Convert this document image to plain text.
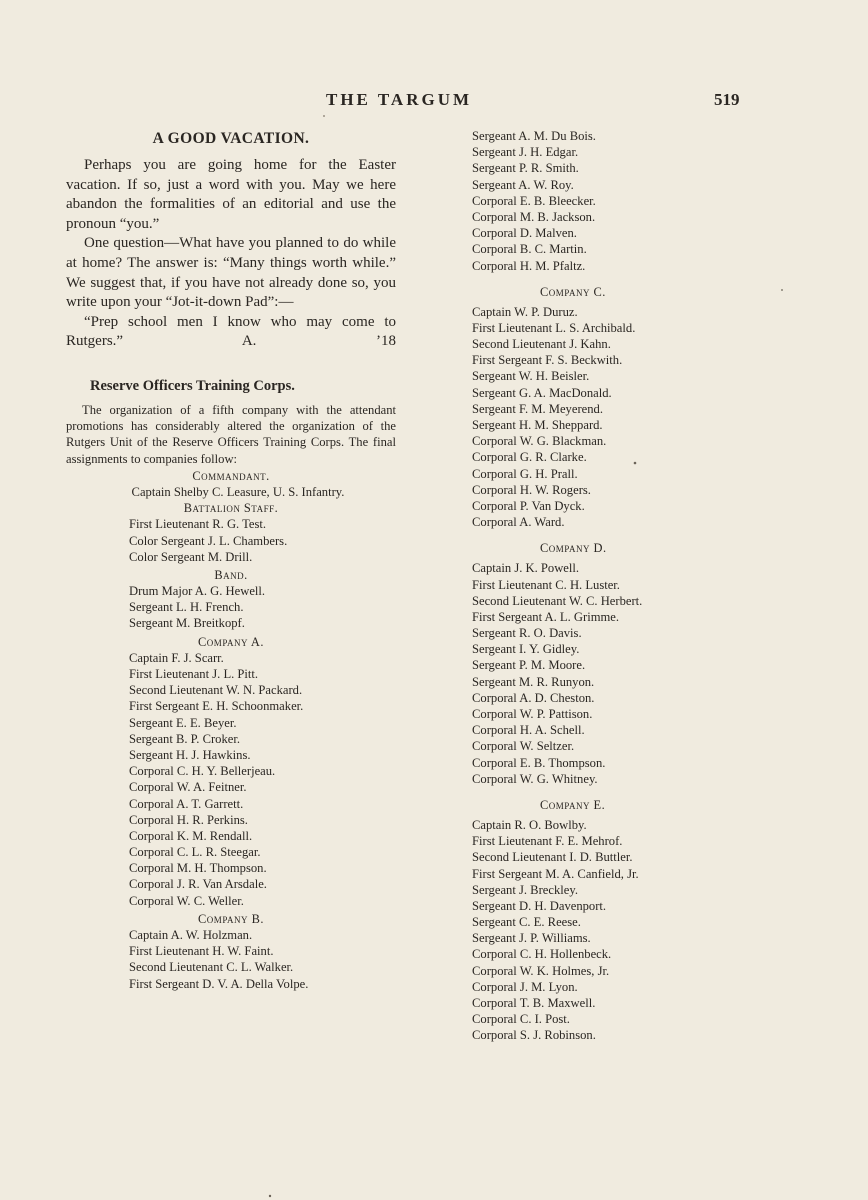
THE TARGUM	519
A GOOD VACATION.

Perhaps you are going home for the Easter vacation. If so, just a word with you. May we here abandon the formalities of an editorial and use the pronoun “you.”

One question—What have you planned to do while at home? The answer is: “Many things worth while.” We suggest that, if you have not already done so, you write upon your “Jot-it-down Pad”:—

“Prep school men I know who may come to Rutgers.” A. ’18

Reserve Officers Training Corps.

The organization of a fifth company with the attendant promotions has considerably altered the organization of the Rutgers Unit of the Reserve Officers Training Corps. The final assignments to companies follow:

Commandant.
Captain Shelby C. Leasure, U. S. Infantry.
Battalion Staff.
First Lieutenant R. G. Test.
Color Sergeant J. L. Chambers.
Color Sergeant M. Drill.
Band.
Drum Major A. G. Hewell.
Sergeant L. H. French.
Sergeant M. Breitkopf.
Company A.
Captain F. J. Scarr.
First Lieutenant J. L. Pitt.
Second Lieutenant W. N. Packard.
First Sergeant E. H. Schoonmaker.
Sergeant E. E. Beyer.
Sergeant B. P. Croker.
Sergeant H. J. Hawkins.
Corporal C. H. Y. Bellerjeau.
Corporal W. A. Feitner.
Corporal A. T. Garrett.
Corporal H. R. Perkins.
Corporal K. M. Rendall.
Corporal C. L. R. Steegar.
Corporal M. H. Thompson.
Corporal J. R. Van Arsdale.
Corporal W. C. Weller.
Company B.
Captain A. W. Holzman.
First Lieutenant H. W. Faint.
Second Lieutenant C. L. Walker.
First Sergeant D. V. A. Della Volpe.
Sergeant A. M. Du Bois.
Sergeant J. H. Edgar.
Sergeant P. R. Smith.
Sergeant A. W. Roy.
Corporal E. B. Bleecker.
Corporal M. B. Jackson.
Corporal D. Malven.
Corporal B. C. Martin.
Corporal H. M. Pfaltz.
Company C.
Captain W. P. Duruz.
First Lieutenant L. S. Archibald.
Second Lieutenant J. Kahn.
First Sergeant F. S. Beckwith.
Sergeant W. H. Beisler.
Sergeant G. A. MacDonald.
Sergeant F. M. Meyerend.
Sergeant H. M. Sheppard.
Corporal W. G. Blackman.
Corporal G. R. Clarke.
Corporal G. H. Prall.
Corporal H. W. Rogers.
Corporal P. Van Dyck.
Corporal A. Ward.
Company D.
Captain J. K. Powell.
First Lieutenant C. H. Luster.
Second Lieutenant W. C. Herbert.
First Sergeant A. L. Grimme.
Sergeant R. O. Davis.
Sergeant I. Y. Gidley.
Sergeant P. M. Moore.
Sergeant M. R. Runyon.
Corporal A. D. Cheston.
Corporal W. P. Pattison.
Corporal H. A. Schell.
Corporal W. Seltzer.
Corporal E. B. Thompson.
Corporal W. G. Whitney.
Company E.
Captain R. O. Bowlby.
First Lieutenant F. E. Mehrof.
Second Lieutenant I. D. Buttler.
First Sergeant M. A. Canfield, Jr.
Sergeant J. Breckley.
Sergeant D. H. Davenport.
Sergeant C. E. Reese.
Sergeant J. P. Williams.
Corporal C. H. Hollenbeck.
Corporal W. K. Holmes, Jr.
Corporal J. M. Lyon.
Corporal T. B. Maxwell.
Corporal C. I. Post.
Corporal S. J. Robinson.
